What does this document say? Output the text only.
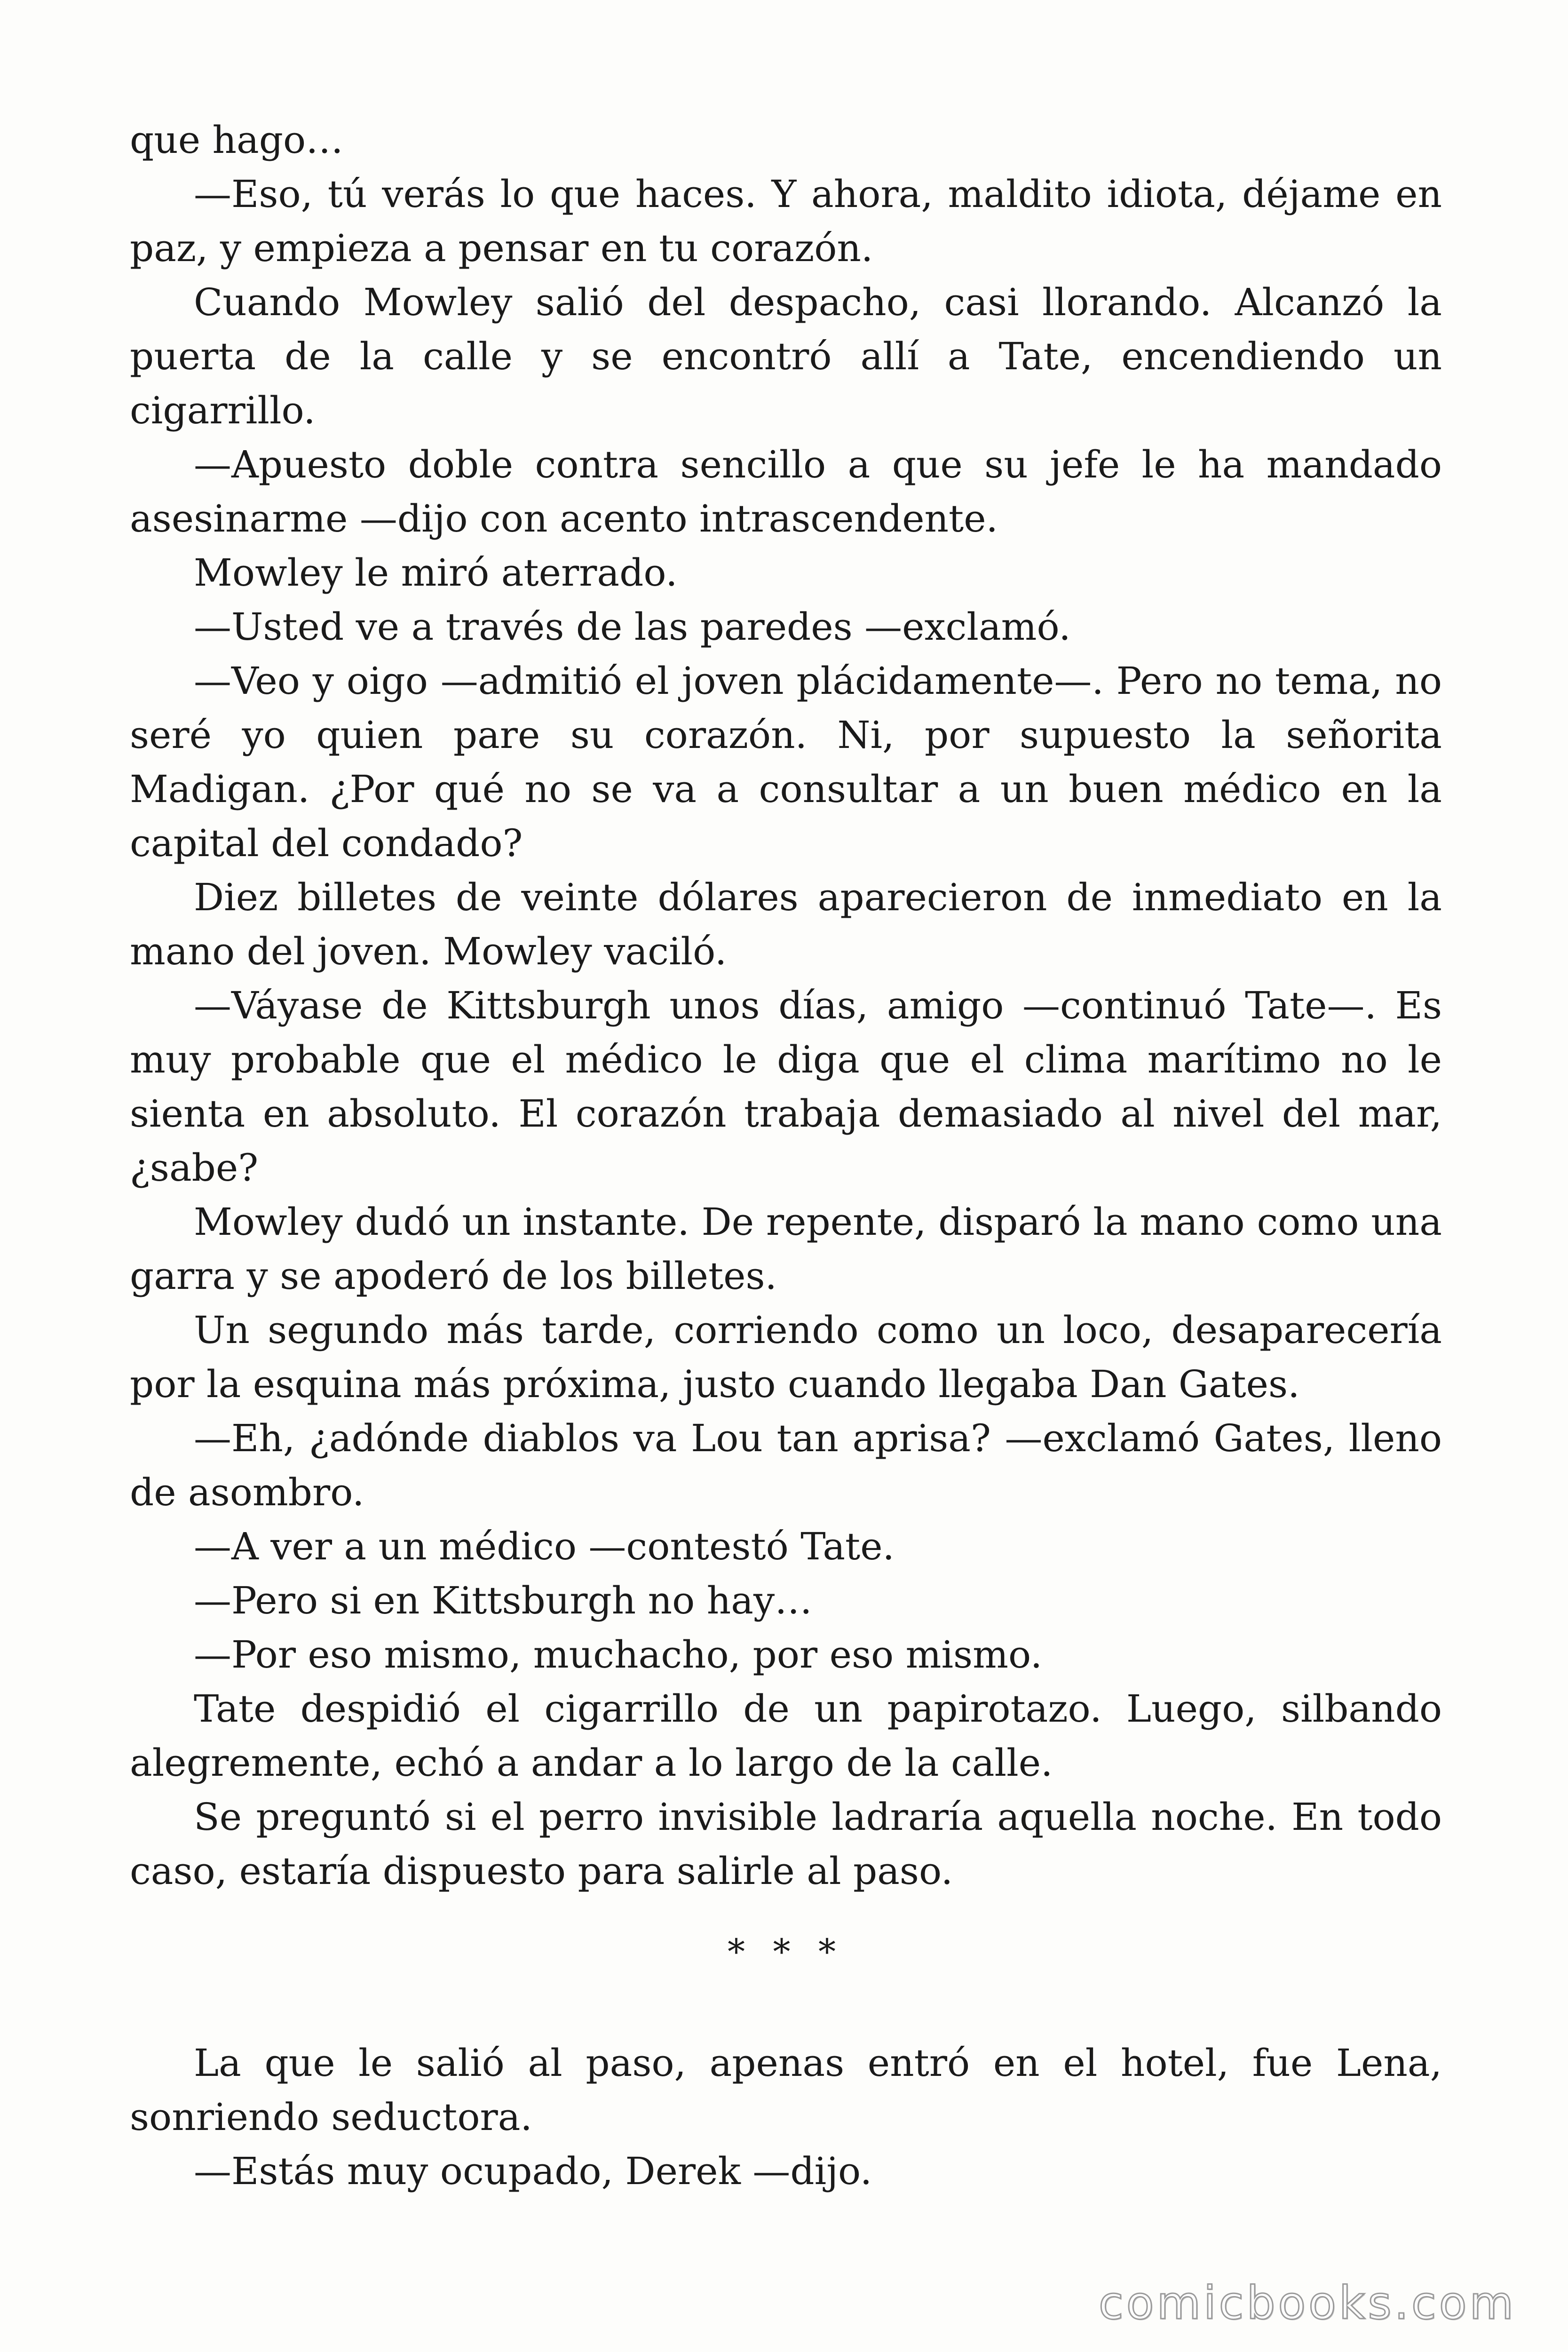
que hago…

—Eso, tú verás lo que haces. Y ahora, maldito idiota, déjame en paz, y empieza a pensar en tu corazón.

Cuando Mowley salió del despacho, casi llorando. Alcanzó la puerta de la calle y se encontró allí a Tate, encendiendo un cigarrillo.

—Apuesto doble contra sencillo a que su jefe le ha mandado asesinarme —dijo con acento intrascendente.

Mowley le miró aterrado.

—Usted ve a través de las paredes —exclamó.

—Veo y oigo —admitió el joven plácidamente—. Pero no tema, no seré yo quien pare su corazón. Ni, por supuesto la señorita Madigan. ¿Por qué no se va a consultar a un buen médico en la capital del condado?

Diez billetes de veinte dólares aparecieron de inmediato en la mano del joven. Mowley vaciló.

—Váyase de Kittsburgh unos días, amigo —continuó Tate—. Es muy probable que el médico le diga que el clima marítimo no le sienta en absoluto. El corazón trabaja demasiado al nivel del mar, ¿sabe?

Mowley dudó un instante. De repente, disparó la mano como una garra y se apoderó de los billetes.

Un segundo más tarde, corriendo como un loco, desaparecería por la esquina más próxima, justo cuando llegaba Dan Gates.

—Eh, ¿adónde diablos va Lou tan aprisa? —exclamó Gates, lleno de asombro.

—A ver a un médico —contestó Tate.

—Pero si en Kittsburgh no hay…

—Por eso mismo, muchacho, por eso mismo.

Tate despidió el cigarrillo de un papirotazo. Luego, silbando alegremente, echó a andar a lo largo de la calle.

Se preguntó si el perro invisible ladraría aquella noche. En todo caso, estaría dispuesto para salirle al paso.

* * *

La que le salió al paso, apenas entró en el hotel, fue Lena, sonriendo seductora.

—Estás muy ocupado, Derek —dijo.

comicbooks.com
